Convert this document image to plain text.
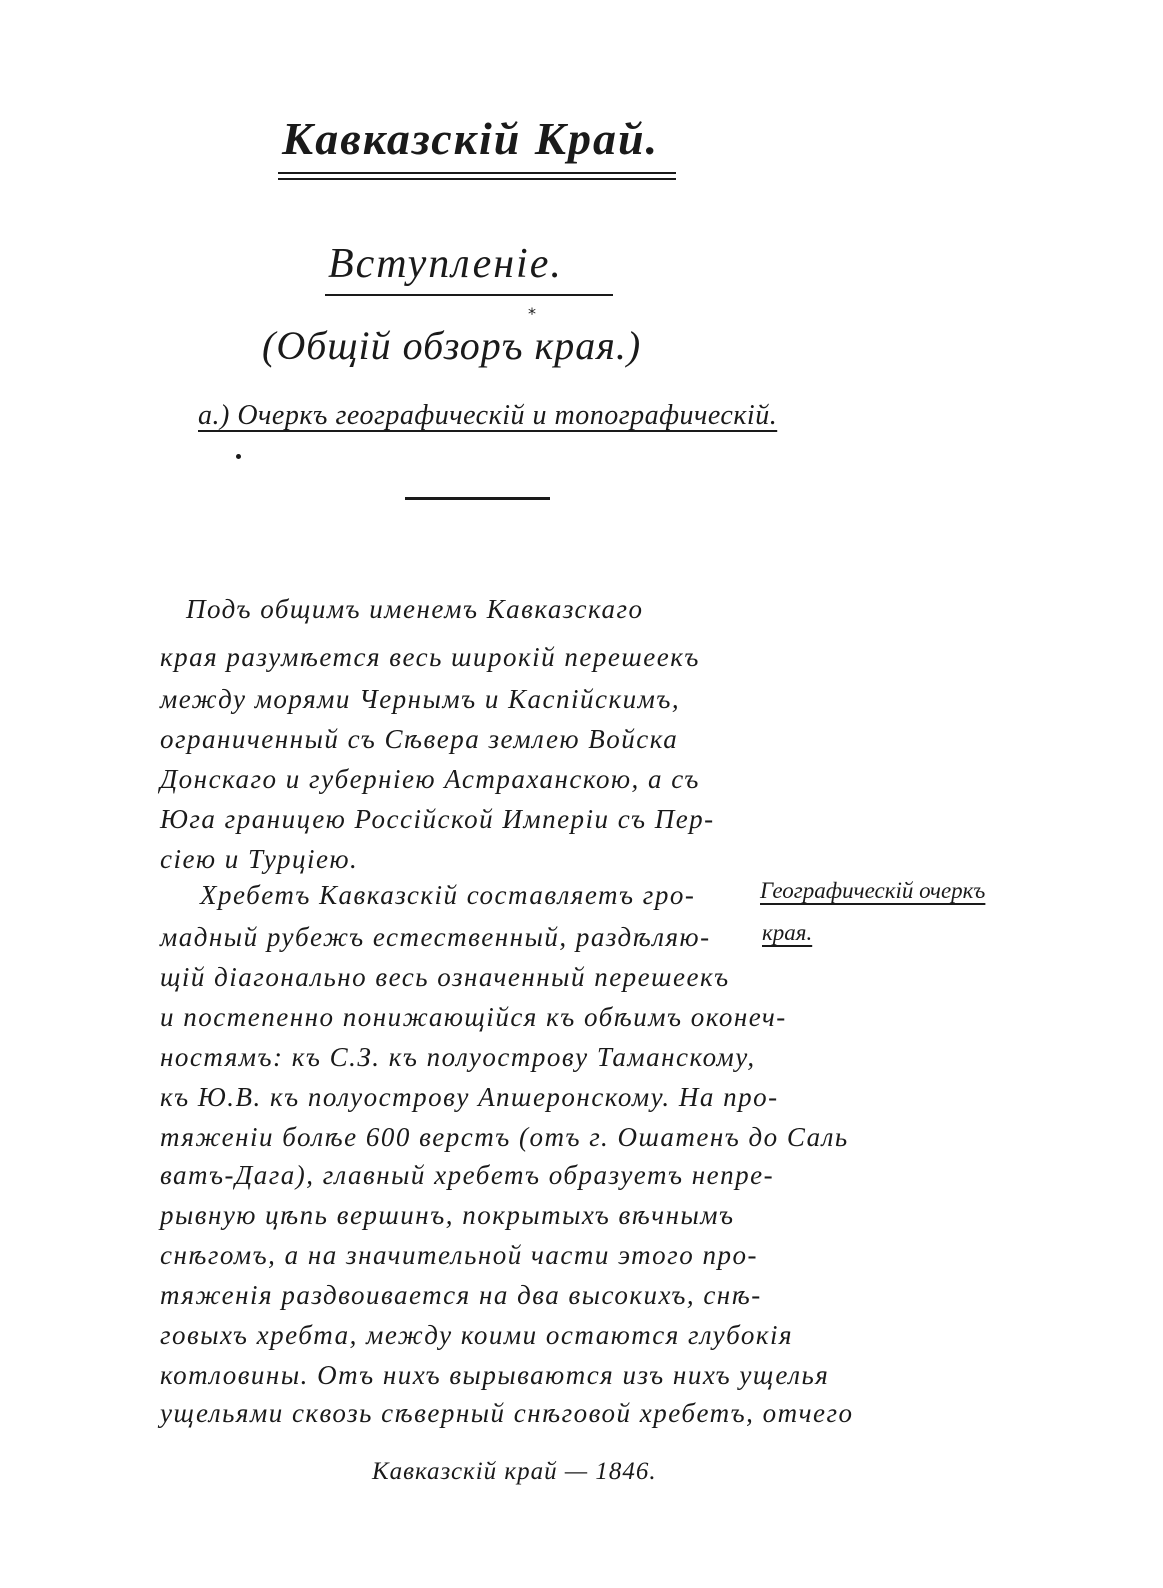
Кавказскій Край.
Вступленіе.
*
(Общій обзоръ края.)
а.) Очеркъ географическій и топографическій.
Подъ общимъ именемъ Кавказскаго
края разумѣется весь широкій перешеекъ
между морями Чернымъ и Каспійскимъ,
ограниченный съ Сѣвера землею Войска
Донскаго и губерніею Астраханскою, а съ
Юга границею Россійской Имперіи съ Пер-
сіею и Турціею.
Хребетъ Кавказскій составляетъ гро-
мадный рубежъ естественный, раздѣляю-
щій діагонально весь означенный перешеекъ
и постепенно понижающійся къ обѣимъ оконеч-
ностямъ: къ С.З. къ полуострову Таманскому,
къ Ю.В. къ полуострову Апшеронскому. На про-
тяженіи болѣе 600 верстъ (отъ г. Ошатенъ до Саль
ватъ-Дага), главный хребетъ образуетъ непре-
рывную цѣпь вершинъ, покрытыхъ вѣчнымъ
снѣгомъ, а на значительной части этого про-
тяженія раздвоивается на два высокихъ, снѣ-
говыхъ хребта, между коими остаются глубокія
котловины. Отъ нихъ вырываются изъ нихъ ущелья
ущельями сквозь сѣверный снѣговой хребетъ, отчего
Географическій очеркъ
края.
Кавказскій край — 1846.
